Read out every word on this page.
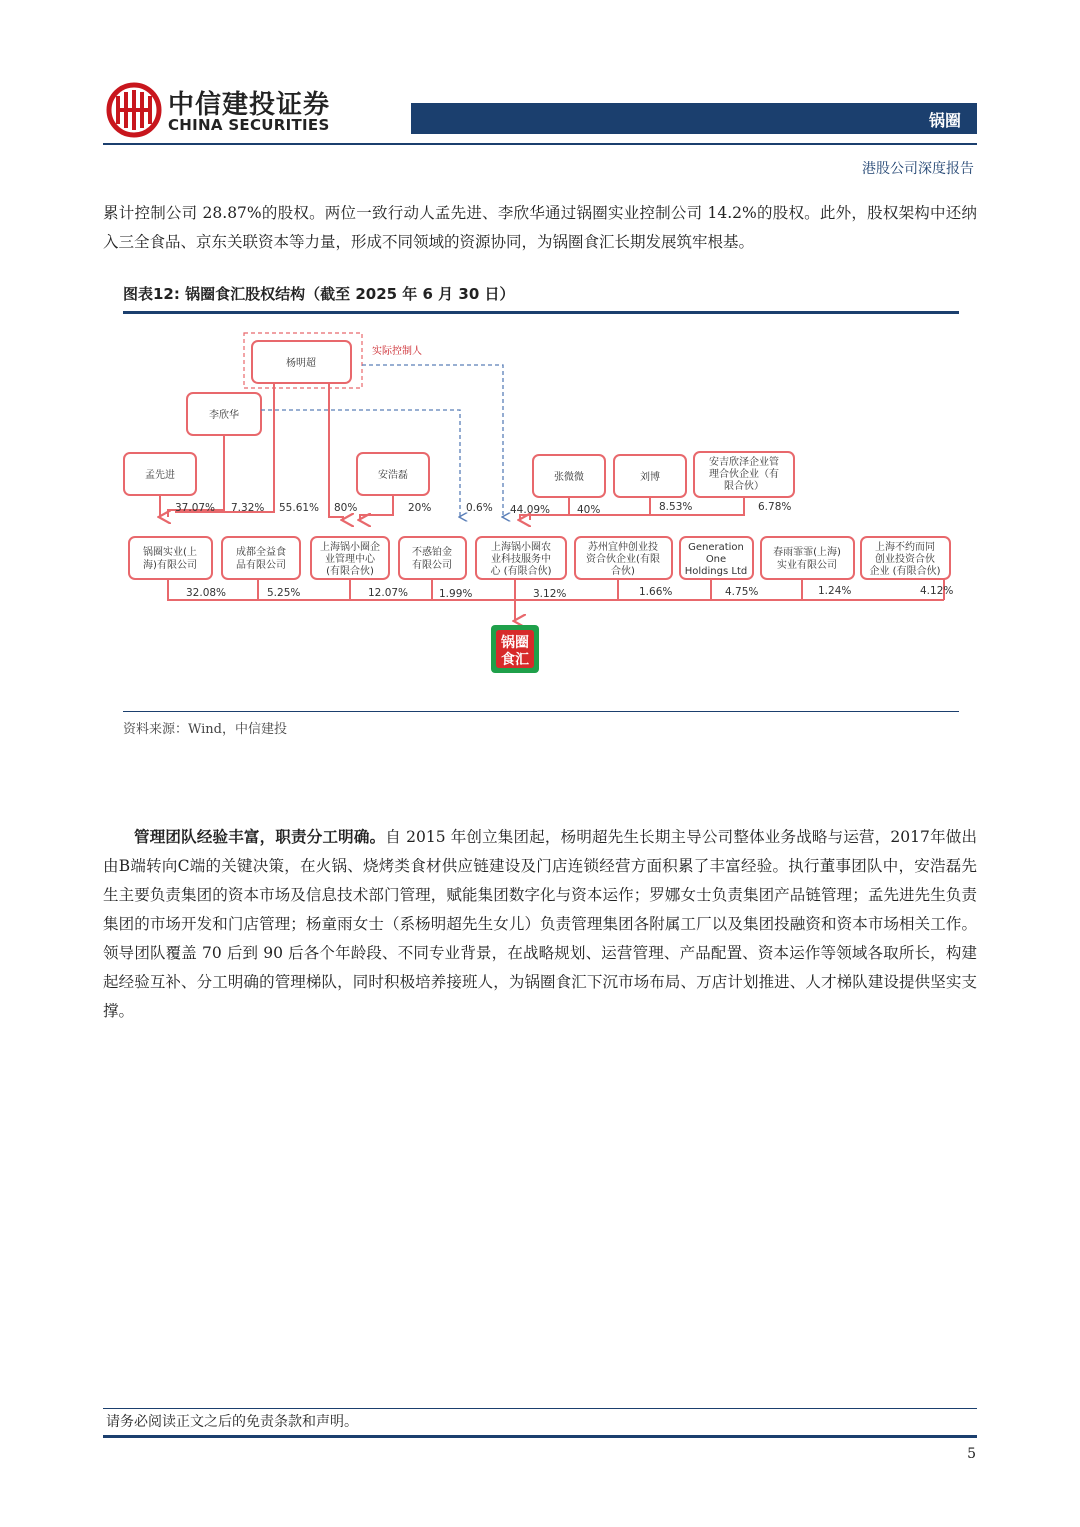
中信建投证券
CHINA SECURITIES	锅圈
港股公司深度报告
累计控制公司 28.87%的股权。两位一致行动人孟先进、李欣华通过锅圈实业控制公司 14.2%的股权。此外，股权架构中还纳入三全食品、京东关联资本等力量，形成不同领域的资源协同，为锅圈食汇长期发展筑牢根基。
图表12: 锅圈食汇股权结构（截至 2025 年 6 月 30 日）
实际控制人
杨明超
李欣华
孟先进	安浩磊	张微微	刘博
安吉欣泽企业管
理合伙企业（有
限合伙）
37.07% 7.32% 55.61% 80%	20%	0.6% 44.09%	40%	8.53%	6.78%
锅圈实业(上
海)有限公司
成都全益食
品有限公司
上海锅小圈企
业管理中心
(有限合伙)
不惑铂金
有限公司
上海锅小圈农
业科技服务中
心 (有限合伙)
苏州宜仲创业投
资合伙企业(有限
合伙)
Generation
One
Holdings Ltd
春雨霏霏(上海)
实业有限公司
上海不约而同
创业投资合伙
企业 (有限合伙)
32.08%	5.25%	12.07%	1.99%	3.12%	1.66%	4.75%	1.24%	4.12%
锅圈
食汇
资料来源：Wind，中信建投
管理团队经验丰富，职责分工明确。自 2015 年创立集团起，杨明超先生长期主导公司整体业务战略与运营，2017年做出由B端转向C端的关键决策，在火锅、烧烤类食材供应链建设及门店连锁经营方面积累了丰富经验。执行董事团队中，安浩磊先生主要负责集团的资本市场及信息技术部门管理，赋能集团数字化与资本运作；罗娜女士负责集团产品链管理；孟先进先生负责集团的市场开发和门店管理；杨童雨女士（系杨明超先生女儿）负责管理集团各附属工厂以及集团投融资和资本市场相关工作。领导团队覆盖 70 后到 90 后各个年龄段、不同专业背景，在战略规划、运营管理、产品配置、资本运作等领域各取所长，构建起经验互补、分工明确的管理梯队，同时积极培养接班人，为锅圈食汇下沉市场布局、万店计划推进、人才梯队建设提供坚实支撑。
请务必阅读正文之后的免责条款和声明。
5
